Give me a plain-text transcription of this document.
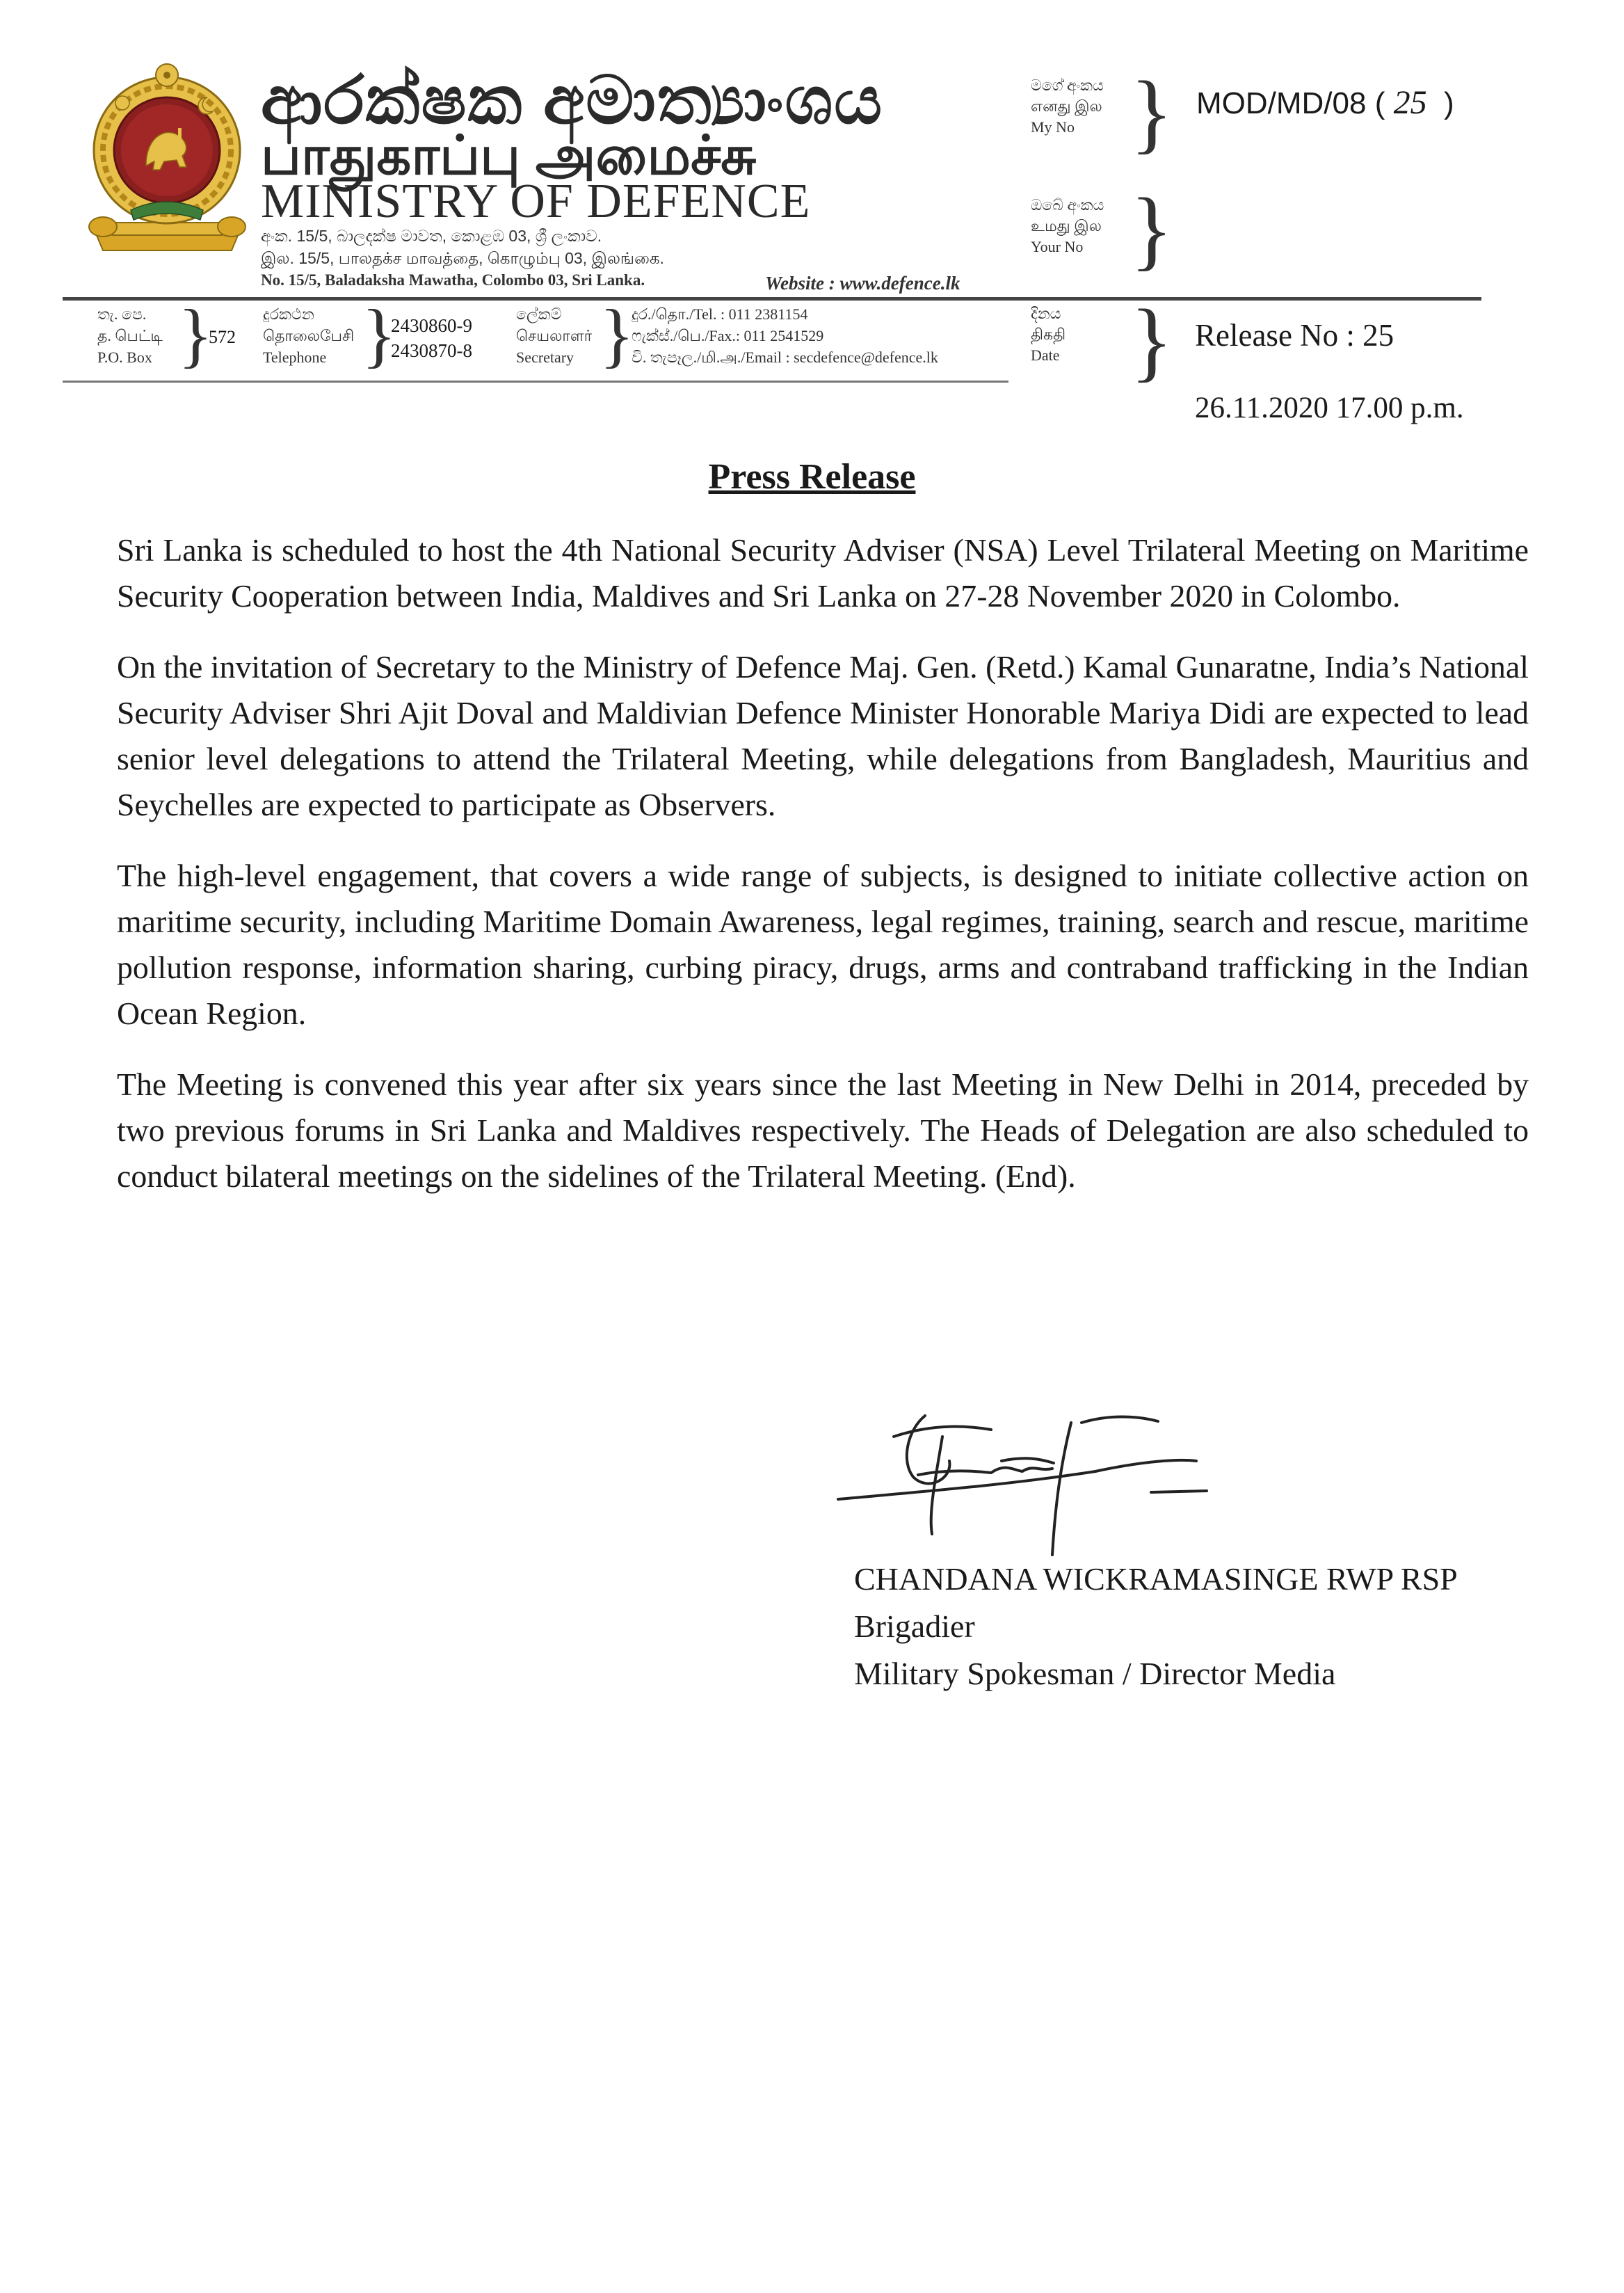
ආරක්ෂක අමාත්‍යාංශය
பாதுகாப்பு அமைச்சு
MINISTRY OF DEFENCE
අංක. 15/5, බාලදක්ෂ මාවත, කොළඹ 03, ශ්‍රී ලංකාව.
இல. 15/5, பாலதக்ச மாவத்தை, கொழும்பு 03, இலங்கை.
No. 15/5, Baladaksha Mawatha, Colombo 03, Sri Lanka.	Website : www.defence.lk
මගේ අංකය
எனது இல
My No } MOD/MD/08 ( 25 )
ඔබේ අංකය
உமது இல
Your No }
තැ. පෙ.
த. பெட்டி
P.O. Box }
572
දුරකථන
தொலைபேசி
Telephone }
2430860-9
2430870-8
ලේකම්
செயலாளர்
Secretary }
දුර./தொ./Tel. : 011 2381154
ෆැක්ස්./பெ./Fax.: 011 2541529
වි. තැපෑල./மி.அ./Email : secdefence@defence.lk
දිනය
திகதி
Date } Release No : 25
26.11.2020 17.00 p.m.
Press Release

Sri Lanka is scheduled to host the 4th National Security Adviser (NSA) Level Trilateral Meeting on Maritime Security Cooperation between India, Maldives and Sri Lanka on 27-28 November 2020 in Colombo.

On the invitation of Secretary to the Ministry of Defence Maj. Gen. (Retd.) Kamal Gunaratne, India’s National Security Adviser Shri Ajit Doval and Maldivian Defence Minister Honorable Mariya Didi are expected to lead senior level delegations to attend the Trilateral Meeting, while delegations from Bangladesh, Mauritius and Seychelles are expected to participate as Observers.

The high-level engagement, that covers a wide range of subjects, is designed to initiate collective action on maritime security, including Maritime Domain Awareness, legal regimes, training, search and rescue, maritime pollution response, information sharing, curbing piracy, drugs, arms and contraband trafficking in the Indian Ocean Region.

The Meeting is convened this year after six years since the last Meeting in New Delhi in 2014, preceded by two previous forums in Sri Lanka and Maldives respectively. The Heads of Delegation are also scheduled to conduct bilateral meetings on the sidelines of the Trilateral Meeting. (End).

CHANDANA WICKRAMASINGE RWP RSP
Brigadier
Military Spokesman / Director Media
